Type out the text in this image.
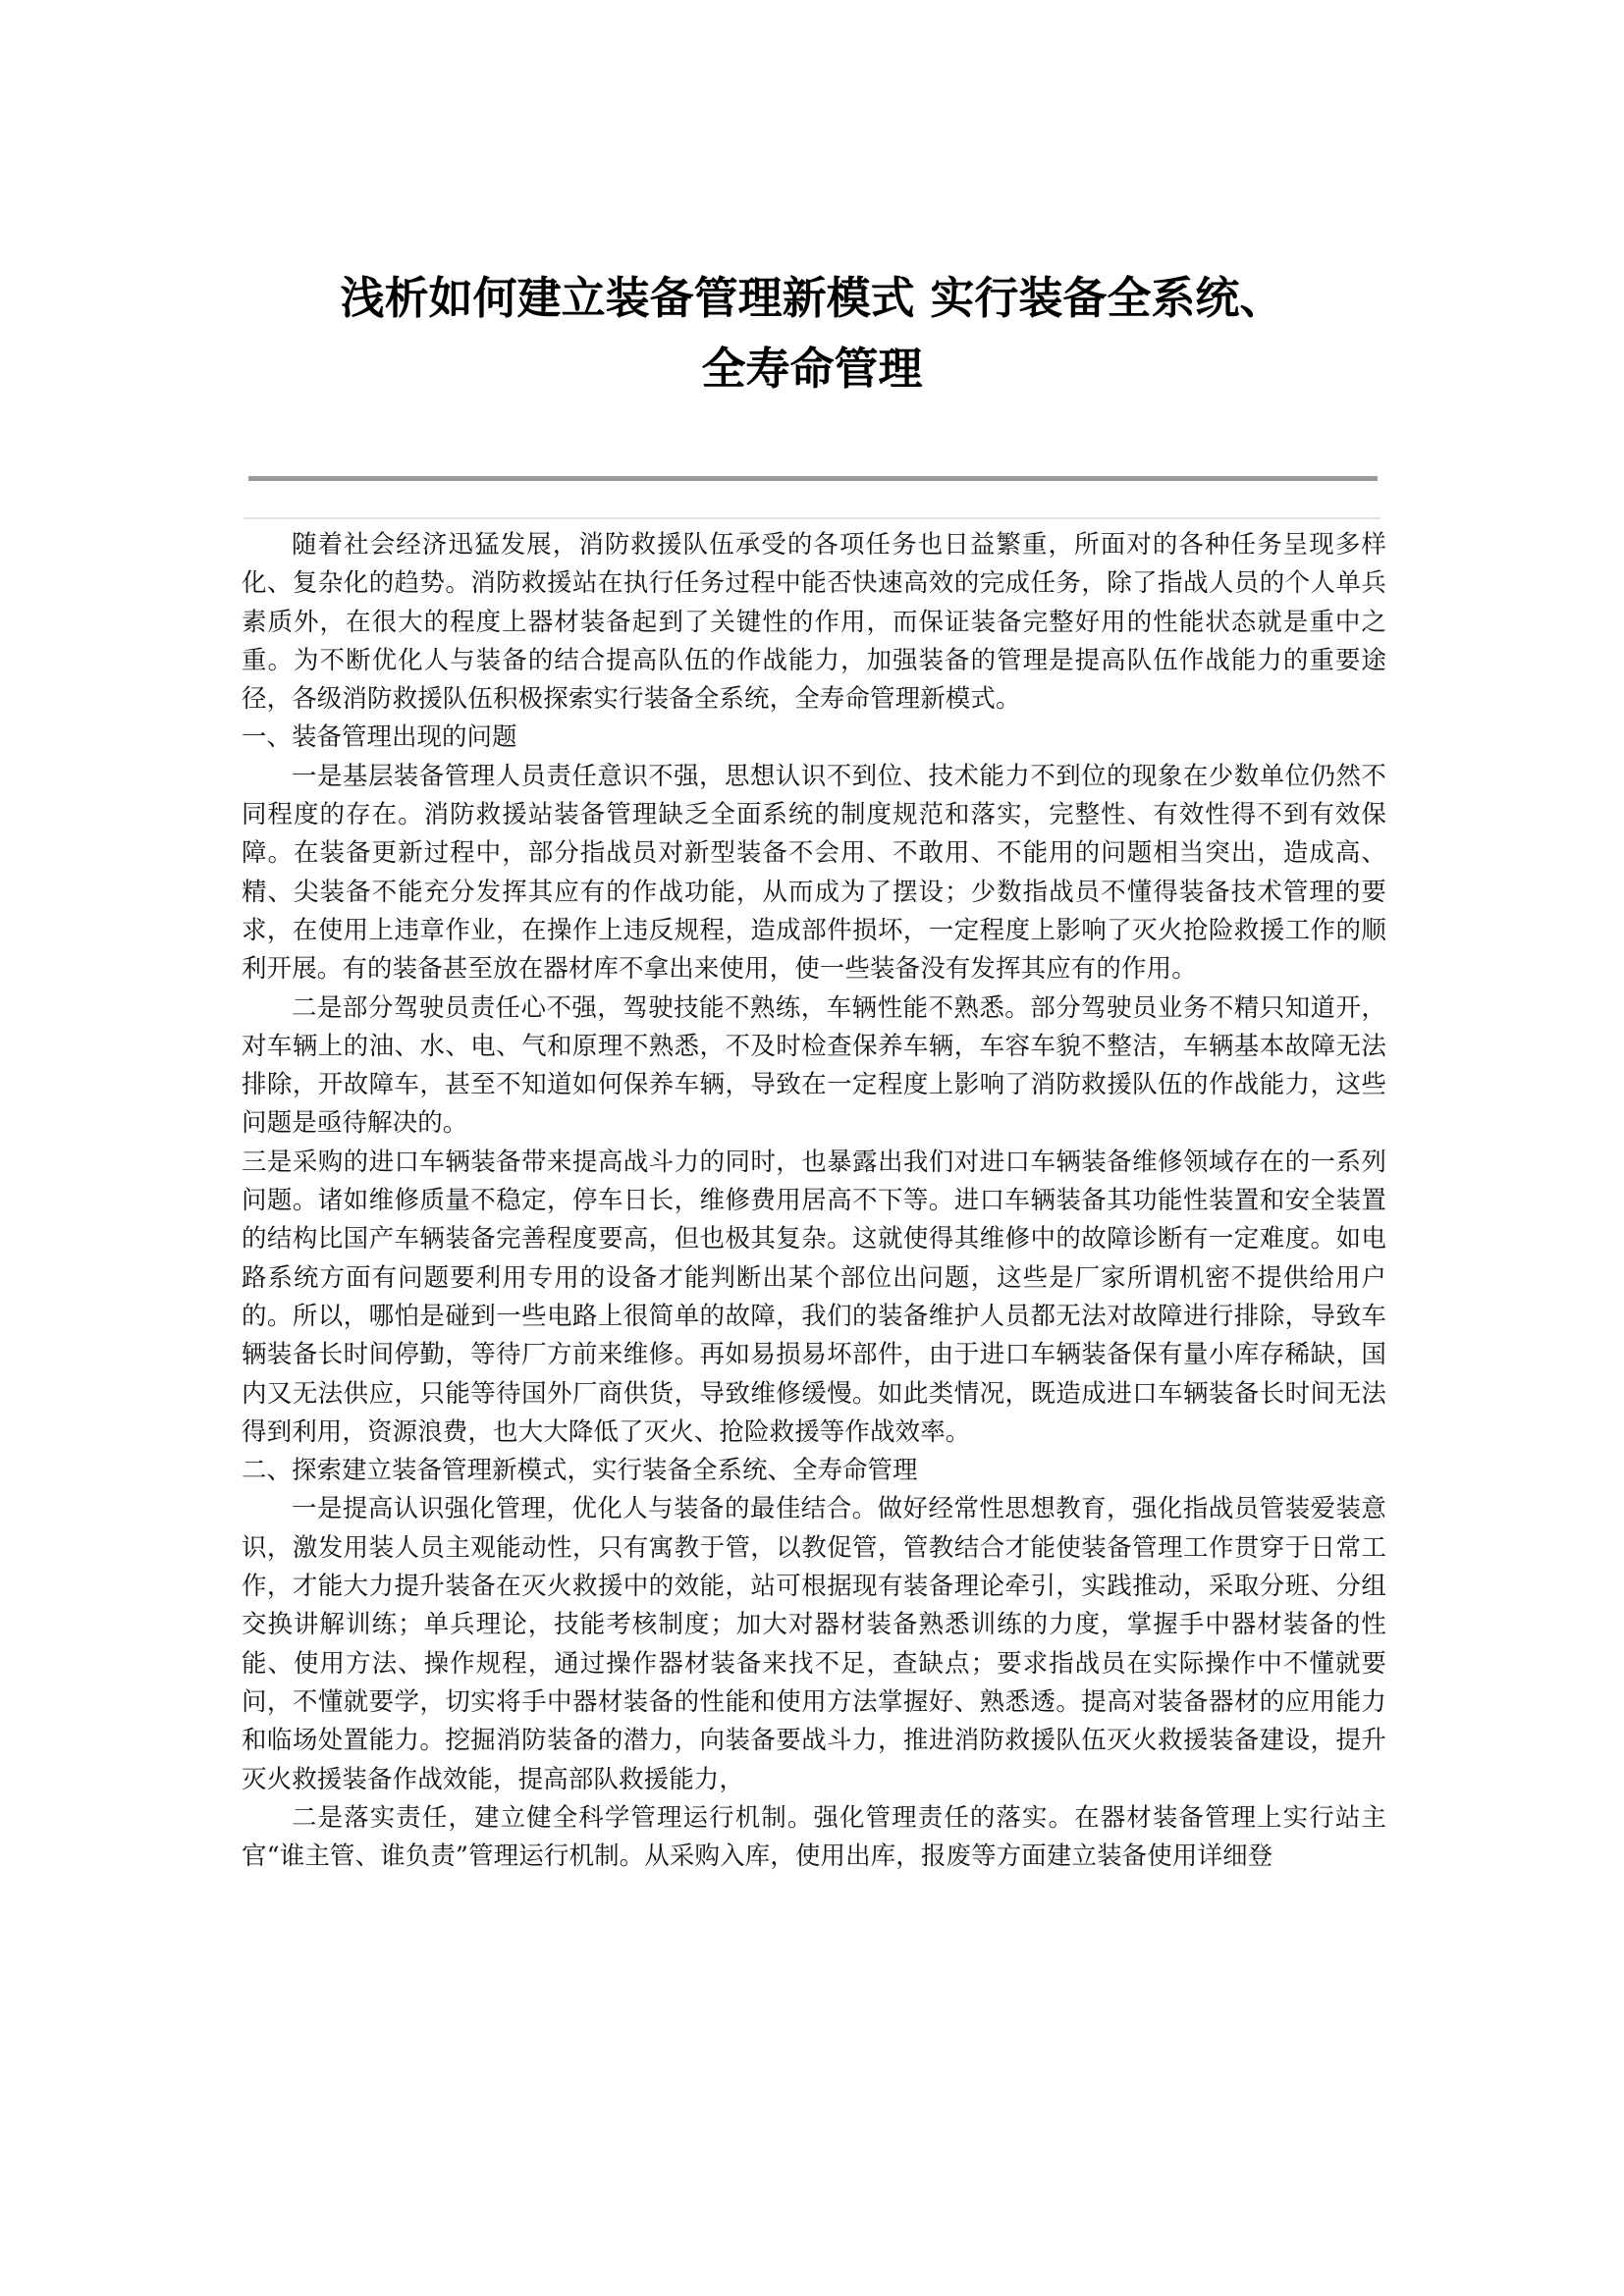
浅析如何建立装备管理新模式 实行装备全系统、
全寿命管理

随着社会经济迅猛发展，消防救援队伍承受的各项任务也日益繁重，所面对的各种任务呈现多样化、复杂化的趋势。消防救援站在执行任务过程中能否快速高效的完成任务，除了指战人员的个人单兵素质外，在很大的程度上器材装备起到了关键性的作用，而保证装备完整好用的性能状态就是重中之重。为不断优化人与装备的结合提高队伍的作战能力，加强装备的管理是提高队伍作战能力的重要途径，各级消防救援队伍积极探索实行装备全系统，全寿命管理新模式。

一、装备管理出现的问题

一是基层装备管理人员责任意识不强，思想认识不到位、技术能力不到位的现象在少数单位仍然不同程度的存在。消防救援站装备管理缺乏全面系统的制度规范和落实，完整性、有效性得不到有效保障。在装备更新过程中，部分指战员对新型装备不会用、不敢用、不能用的问题相当突出，造成高、精、尖装备不能充分发挥其应有的作战功能，从而成为了摆设；少数指战员不懂得装备技术管理的要求，在使用上违章作业，在操作上违反规程，造成部件损坏，一定程度上影响了灭火抢险救援工作的顺利开展。有的装备甚至放在器材库不拿出来使用，使一些装备没有发挥其应有的作用。

二是部分驾驶员责任心不强，驾驶技能不熟练，车辆性能不熟悉。部分驾驶员业务不精只知道开，对车辆上的油、水、电、气和原理不熟悉，不及时检查保养车辆，车容车貌不整洁，车辆基本故障无法排除，开故障车，甚至不知道如何保养车辆，导致在一定程度上影响了消防救援队伍的作战能力，这些问题是亟待解决的。

三是采购的进口车辆装备带来提高战斗力的同时，也暴露出我们对进口车辆装备维修领域存在的一系列问题。诸如维修质量不稳定，停车日长，维修费用居高不下等。进口车辆装备其功能性装置和安全装置的结构比国产车辆装备完善程度要高，但也极其复杂。这就使得其维修中的故障诊断有一定难度。如电路系统方面有问题要利用专用的设备才能判断出某个部位出问题，这些是厂家所谓机密不提供给用户的。所以，哪怕是碰到一些电路上很简单的故障，我们的装备维护人员都无法对故障进行排除，导致车辆装备长时间停勤，等待厂方前来维修。再如易损易坏部件，由于进口车辆装备保有量小库存稀缺，国内又无法供应，只能等待国外厂商供货，导致维修缓慢。如此类情况，既造成进口车辆装备长时间无法得到利用，资源浪费，也大大降低了灭火、抢险救援等作战效率。

二、探索建立装备管理新模式，实行装备全系统、全寿命管理

一是提高认识强化管理，优化人与装备的最佳结合。做好经常性思想教育，强化指战员管装爱装意识，激发用装人员主观能动性，只有寓教于管，以教促管，管教结合才能使装备管理工作贯穿于日常工作，才能大力提升装备在灭火救援中的效能，站可根据现有装备理论牵引，实践推动，采取分班、分组交换讲解训练；单兵理论，技能考核制度；加大对器材装备熟悉训练的力度，掌握手中器材装备的性能、使用方法、操作规程，通过操作器材装备来找不足，查缺点；要求指战员在实际操作中不懂就要问，不懂就要学，切实将手中器材装备的性能和使用方法掌握好、熟悉透。提高对装备器材的应用能力和临场处置能力。挖掘消防装备的潜力，向装备要战斗力，推进消防救援队伍灭火救援装备建设，提升灭火救援装备作战效能，提高部队救援能力，

二是落实责任，建立健全科学管理运行机制。强化管理责任的落实。在器材装备管理上实行站主官“谁主管、谁负责”管理运行机制。从采购入库，使用出库，报废等方面建立装备使用详细登
